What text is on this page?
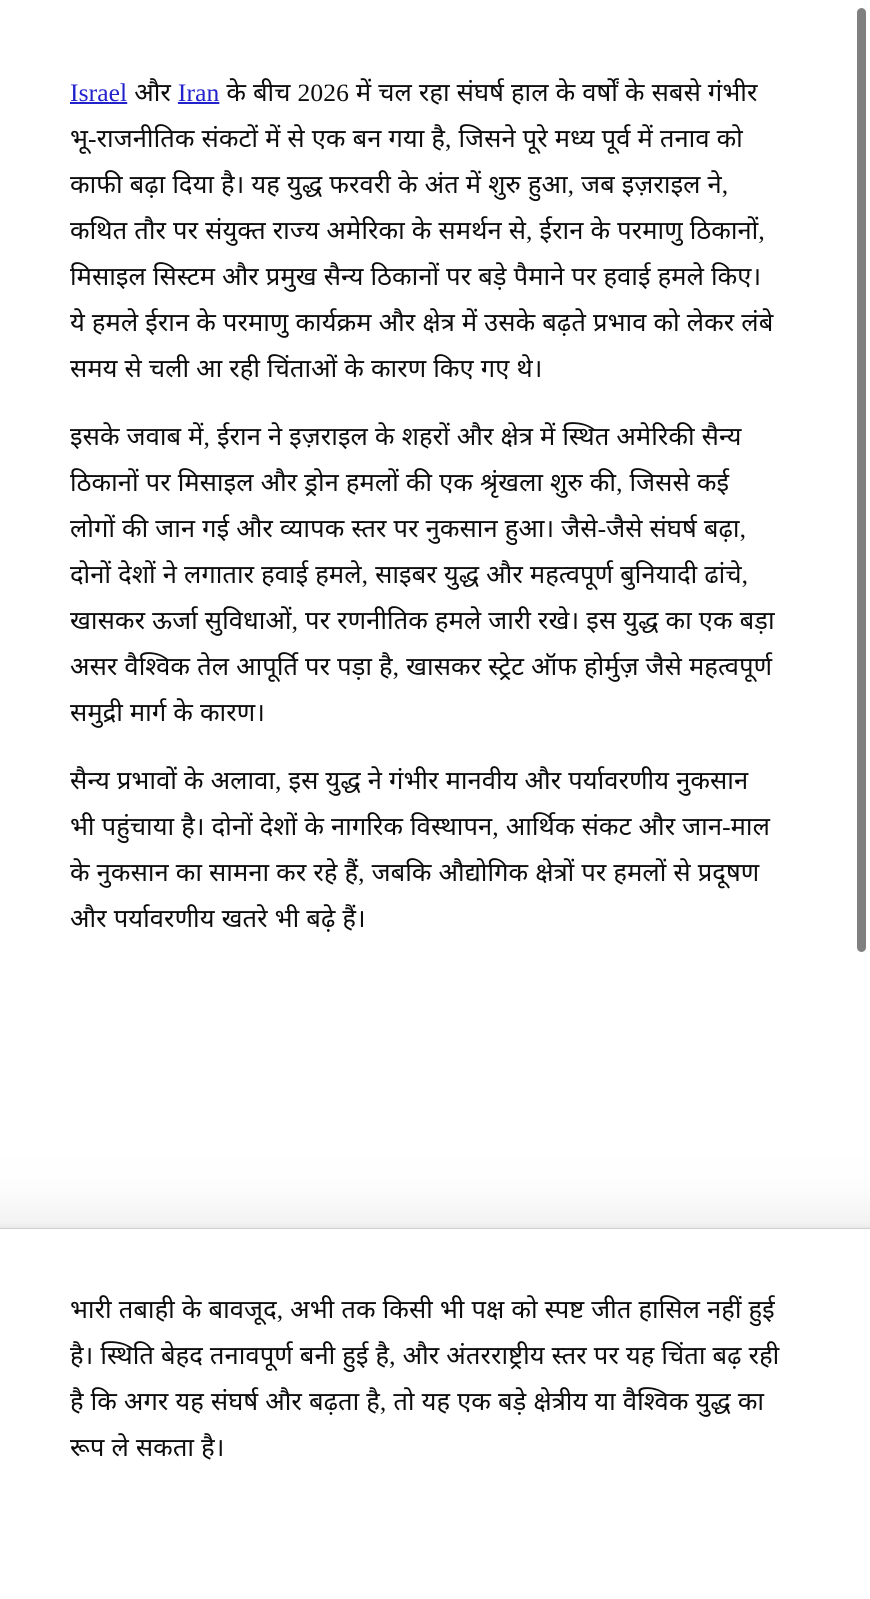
Israel और Iran के बीच 2026 में चल रहा संघर्ष हाल के वर्षों के सबसे गंभीर भू-राजनीतिक संकटों में से एक बन गया है, जिसने पूरे मध्य पूर्व में तनाव को काफी बढ़ा दिया है। यह युद्ध फरवरी के अंत में शुरु हुआ, जब इज़राइल ने, कथित तौर पर संयुक्त राज्य अमेरिका के समर्थन से, ईरान के परमाणु ठिकानों, मिसाइल सिस्टम और प्रमुख सैन्य ठिकानों पर बड़े पैमाने पर हवाई हमले किए। ये हमले ईरान के परमाणु कार्यक्रम और क्षेत्र में उसके बढ़ते प्रभाव को लेकर लंबे समय से चली आ रही चिंताओं के कारण किए गए थे।

इसके जवाब में, ईरान ने इज़राइल के शहरों और क्षेत्र में स्थित अमेरिकी सैन्य ठिकानों पर मिसाइल और ड्रोन हमलों की एक श्रृंखला शुरु की, जिससे कई लोगों की जान गई और व्यापक स्तर पर नुकसान हुआ। जैसे-जैसे संघर्ष बढ़ा, दोनों देशों ने लगातार हवाई हमले, साइबर युद्ध और महत्वपूर्ण बुनियादी ढांचे, खासकर ऊर्जा सुविधाओं, पर रणनीतिक हमले जारी रखे। इस युद्ध का एक बड़ा असर वैश्विक तेल आपूर्ति पर पड़ा है, खासकर स्ट्रेट ऑफ होर्मुज़ जैसे महत्वपूर्ण समुद्री मार्ग के कारण।

सैन्य प्रभावों के अलावा, इस युद्ध ने गंभीर मानवीय और पर्यावरणीय नुकसान भी पहुंचाया है। दोनों देशों के नागरिक विस्थापन, आर्थिक संकट और जान-माल के नुकसान का सामना कर रहे हैं, जबकि औद्योगिक क्षेत्रों पर हमलों से प्रदूषण और पर्यावरणीय खतरे भी बढ़े हैं।

भारी तबाही के बावजूद, अभी तक किसी भी पक्ष को स्पष्ट जीत हासिल नहीं हुई है। स्थिति बेहद तनावपूर्ण बनी हुई है, और अंतरराष्ट्रीय स्तर पर यह चिंता बढ़ रही है कि अगर यह संघर्ष और बढ़ता है, तो यह एक बड़े क्षेत्रीय या वैश्विक युद्ध का रूप ले सकता है।
